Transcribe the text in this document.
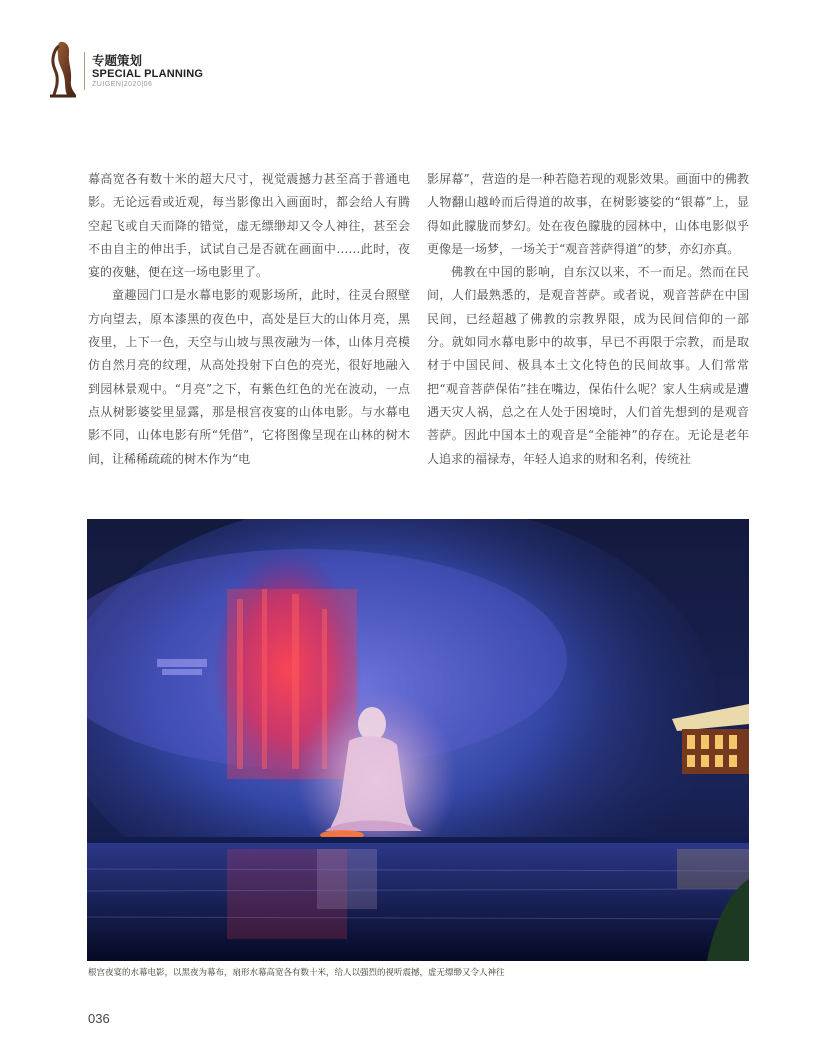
专题策划
SPECIAL PLANNING
ZUIGEN|2020|06

幕高宽各有数十米的超大尺寸，视觉震撼力甚至高于普通电影。无论远看或近观，每当影像出入画面时，都会给人有腾空起飞或自天而降的错觉，虚无缥缈却又令人神往，甚至会不由自主的伸出手，试试自己是否就在画面中……此时，夜宴的夜魅，便在这一场电影里了。

童趣园门口是水幕电影的观影场所，此时，往灵台照壁方向望去，原本漆黑的夜色中，高处是巨大的山体月亮，黑夜里，上下一色，天空与山坡与黑夜融为一体，山体月亮模仿自然月亮的纹理，从高处投射下白色的亮光，很好地融入到园林景观中。“月亮”之下，有紫色红色的光在波动，一点点从树影婆娑里显露，那是根宫夜宴的山体电影。与水幕电影不同，山体电影有所“凭借”，它将图像呈现在山林的树木间，让稀稀疏疏的树木作为“电

影屏幕”，营造的是一种若隐若现的观影效果。画面中的佛教人物翻山越岭而后得道的故事，在树影婆娑的“银幕”上，显得如此朦胧而梦幻。处在夜色朦胧的园林中，山体电影似乎更像是一场梦，一场关于“观音菩萨得道”的梦，亦幻亦真。

佛教在中国的影响，自东汉以来，不一而足。然而在民间，人们最熟悉的，是观音菩萨。或者说，观音菩萨在中国民间，已经超越了佛教的宗教界限，成为民间信仰的一部分。就如同水幕电影中的故事，早已不再限于宗教，而是取材于中国民间、极具本土文化特色的民间故事。人们常常把“观音菩萨保佑”挂在嘴边，保佑什么呢？家人生病或是遭遇天灾人祸，总之在人处于困境时，人们首先想到的是观音菩萨。因此中国本土的观音是“全能神”的存在。无论是老年人追求的福禄寿，年轻人追求的财和名利，传统社

根宫夜宴的水幕电影，以黑夜为幕布，扇形水幕高宽各有数十米，给人以强烈的视听震撼，虚无缥缈又令人神往
036
